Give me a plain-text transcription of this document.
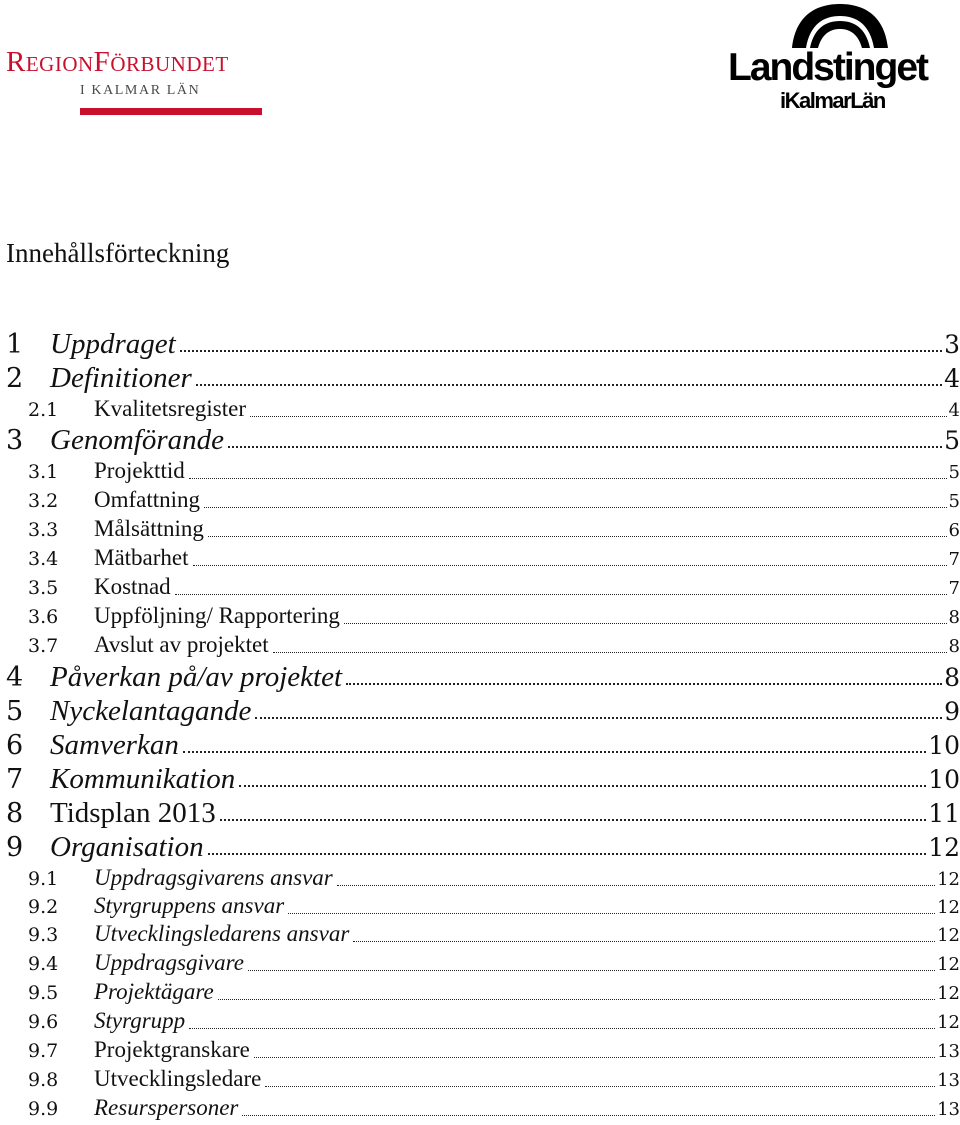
REGIONFÖRBUNDET
I KALMAR LÄN
Landstinget
iKalmarLän
Innehållsförteckning
1 Uppdraget	3
2 Definitioner	4
2.1	Kvalitetsregister	4
3 Genomförande	5
3.1	Projekttid	5
3.2	Omfattning	5
3.3	Målsättning	6
3.4	Mätbarhet	7
3.5	Kostnad	7
3.6	Uppföljning/ Rapportering	8
3.7	Avslut av projektet	8
4 Påverkan på/av projektet	8
5 Nyckelantagande	9
6 Samverkan	10
7 Kommunikation	10
8 Tidsplan 2013	11
9 Organisation	12
9.1	Uppdragsgivarens ansvar	12
9.2	Styrgruppens ansvar	12
9.3	Utvecklingsledarens ansvar	12
9.4	Uppdragsgivare	12
9.5	Projektägare	12
9.6	Styrgrupp	12
9.7	Projektgranskare	13
9.8	Utvecklingsledare	13
9.9	Resurspersoner	13
